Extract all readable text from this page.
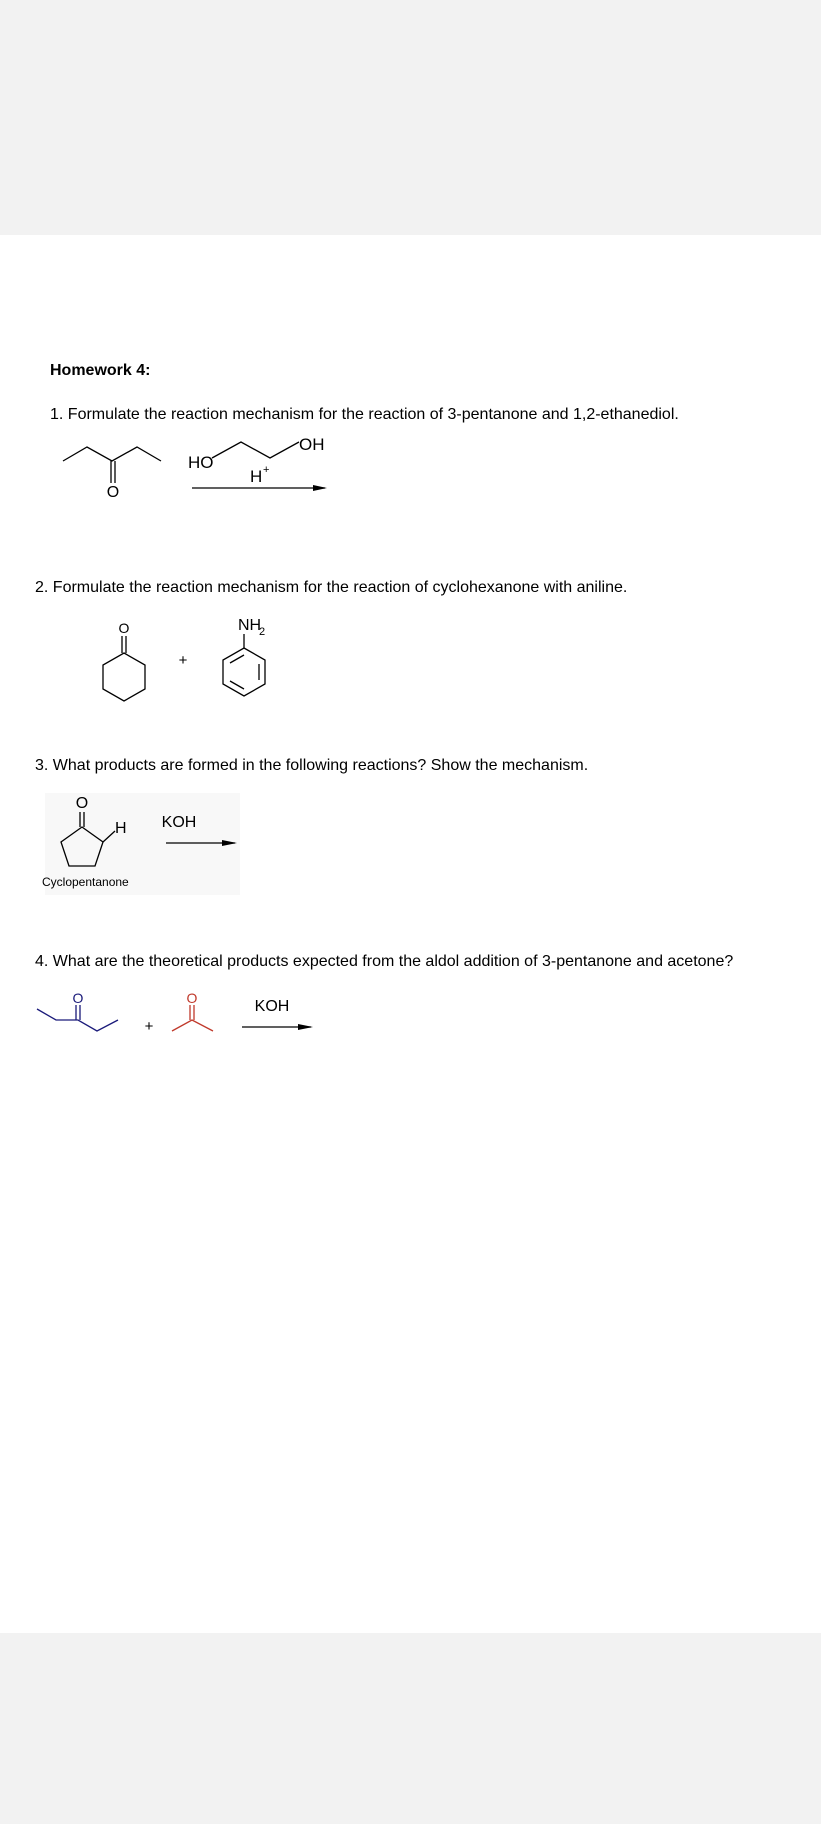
Homework 4:
1. Formulate the reaction mechanism for the reaction of 3-pentanone and 1,2-ethanediol.
O
HO
OH
H +
2. Formulate the reaction mechanism for the reaction of cyclohexanone with aniline.
O
+
NH
2
3. What products are formed in the following reactions? Show the mechanism.
O
H KOH
Cyclopentanone
4. What are the theoretical products expected from the aldol addition of 3-pentanone and acetone?
O
+
O	KOH
